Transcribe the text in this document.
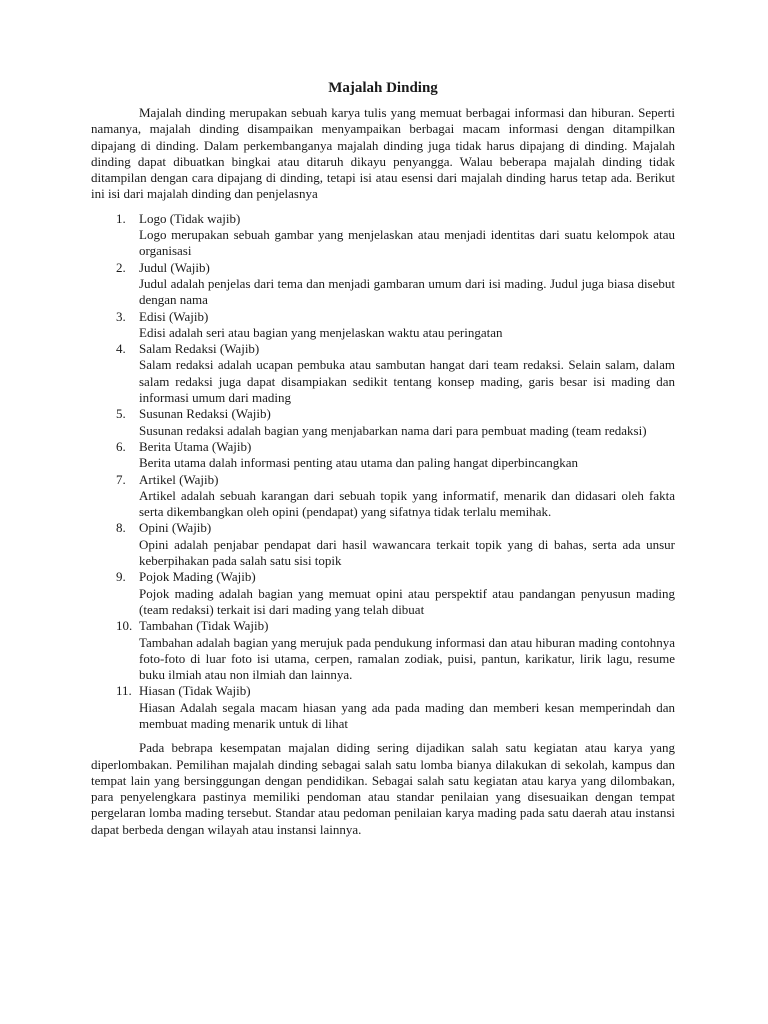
Majalah Dinding

Majalah dinding merupakan sebuah karya tulis yang memuat berbagai informasi dan hiburan. Seperti namanya, majalah dinding disampaikan menyampaikan berbagai macam informasi dengan ditampilkan dipajang di dinding. Dalam perkembanganya majalah dinding juga tidak harus dipajang di dinding. Majalah dinding dapat dibuatkan bingkai atau ditaruh dikayu penyangga. Walau beberapa majalah dinding tidak ditampilan dengan cara dipajang di dinding, tetapi isi atau esensi dari majalah dinding harus tetap ada. Berikut ini isi dari majalah dinding dan penjelasnya

1. Logo (Tidak wajib)
Logo merupakan sebuah gambar yang menjelaskan atau menjadi identitas dari suatu kelompok atau organisasi
2. Judul (Wajib)
Judul adalah penjelas dari tema dan menjadi gambaran umum dari isi mading. Judul juga biasa disebut dengan nama
3. Edisi (Wajib)
Edisi adalah seri atau bagian yang menjelaskan waktu atau peringatan
4. Salam Redaksi (Wajib)
Salam redaksi adalah ucapan pembuka atau sambutan hangat dari team redaksi. Selain salam, dalam salam redaksi juga dapat disampiakan sedikit tentang konsep mading, garis besar isi mading dan informasi umum dari mading
5. Susunan Redaksi (Wajib)
Susunan redaksi adalah bagian yang menjabarkan nama dari para pembuat mading (team redaksi)
6. Berita Utama (Wajib)
Berita utama dalah informasi penting atau utama dan paling hangat diperbincangkan
7. Artikel (Wajib)
Artikel adalah sebuah karangan dari sebuah topik yang informatif, menarik dan didasari oleh fakta serta dikembangkan oleh opini (pendapat) yang sifatnya tidak terlalu memihak.
8. Opini (Wajib)
Opini adalah penjabar pendapat dari hasil wawancara terkait topik yang di bahas, serta ada unsur keberpihakan pada salah satu sisi topik
9. Pojok Mading (Wajib)
Pojok mading adalah bagian yang memuat opini atau perspektif atau pandangan penyusun mading (team redaksi) terkait isi dari mading yang telah dibuat
10. Tambahan (Tidak Wajib)
Tambahan adalah bagian yang merujuk pada pendukung informasi dan atau hiburan mading contohnya foto-foto di luar foto isi utama, cerpen, ramalan zodiak, puisi, pantun, karikatur, lirik lagu, resume buku ilmiah atau non ilmiah dan lainnya.
11. Hiasan (Tidak Wajib)
Hiasan Adalah segala macam hiasan yang ada pada mading dan memberi kesan memperindah dan membuat mading menarik untuk di lihat

Pada bebrapa kesempatan majalan diding sering dijadikan salah satu kegiatan atau karya yang diperlombakan. Pemilihan majalah dinding sebagai salah satu lomba bianya dilakukan di sekolah, kampus dan tempat lain yang bersinggungan dengan pendidikan. Sebagai salah satu kegiatan atau karya yang dilombakan, para penyelengkara pastinya memiliki pendoman atau standar penilaian yang disesuaikan dengan tempat pergelaran lomba mading tersebut. Standar atau pedoman penilaian karya mading pada satu daerah atau instansi dapat berbeda dengan wilayah atau instansi lainnya.
